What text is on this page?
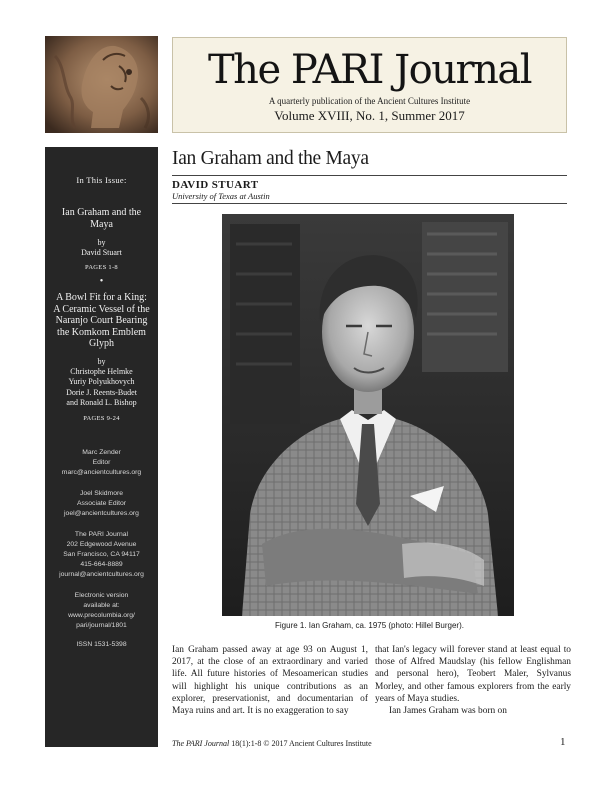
The PARI Journal
A quarterly publication of the Ancient Cultures Institute
Volume XVIII, No. 1, Summer 2017
In This Issue:
Ian Graham and the Maya
by
David Stuart
PAGES 1-8
•
A Bowl Fit for a King: A Ceramic Vessel of the Naranjo Court Bearing the Komkom Emblem Glyph
by
Christophe Helmke
Yuriy Polyukhovych
Dorie J. Reents-Budet
and Ronald L. Bishop
PAGES 9-24
Marc Zender
Editor
marc@ancientcultures.org
Joel Skidmore
Associate Editor
joel@ancientcultures.org
The PARI Journal
202 Edgewood Avenue
San Francisco, CA 94117
415-664-8889
journal@ancientcultures.org
Electronic version
available at:
www.precolumbia.org/
pari/journal/1801
ISSN 1531-5398
Ian Graham and the Maya
DAVID STUART
University of Texas at Austin
Figure 1. Ian Graham, ca. 1975 (photo: Hillel Burger).

Ian Graham passed away at age 93 on August 1, 2017, at the close of an extraordinary and varied life. All future histories of Mesoamerican studies will highlight his unique contributions as an explorer, preservationist, and documentarian of Maya ruins and art. It is no exaggeration to say

that Ian's legacy will forever stand at least equal to those of Alfred Maudslay (his fellow Englishman and personal hero), Teobert Maler, Sylvanus Morley, and other famous explorers from the early years of Maya studies.

Ian James Graham was born on

The PARI Journal 18(1):1-8 © 2017 Ancient Cultures Institute	1
